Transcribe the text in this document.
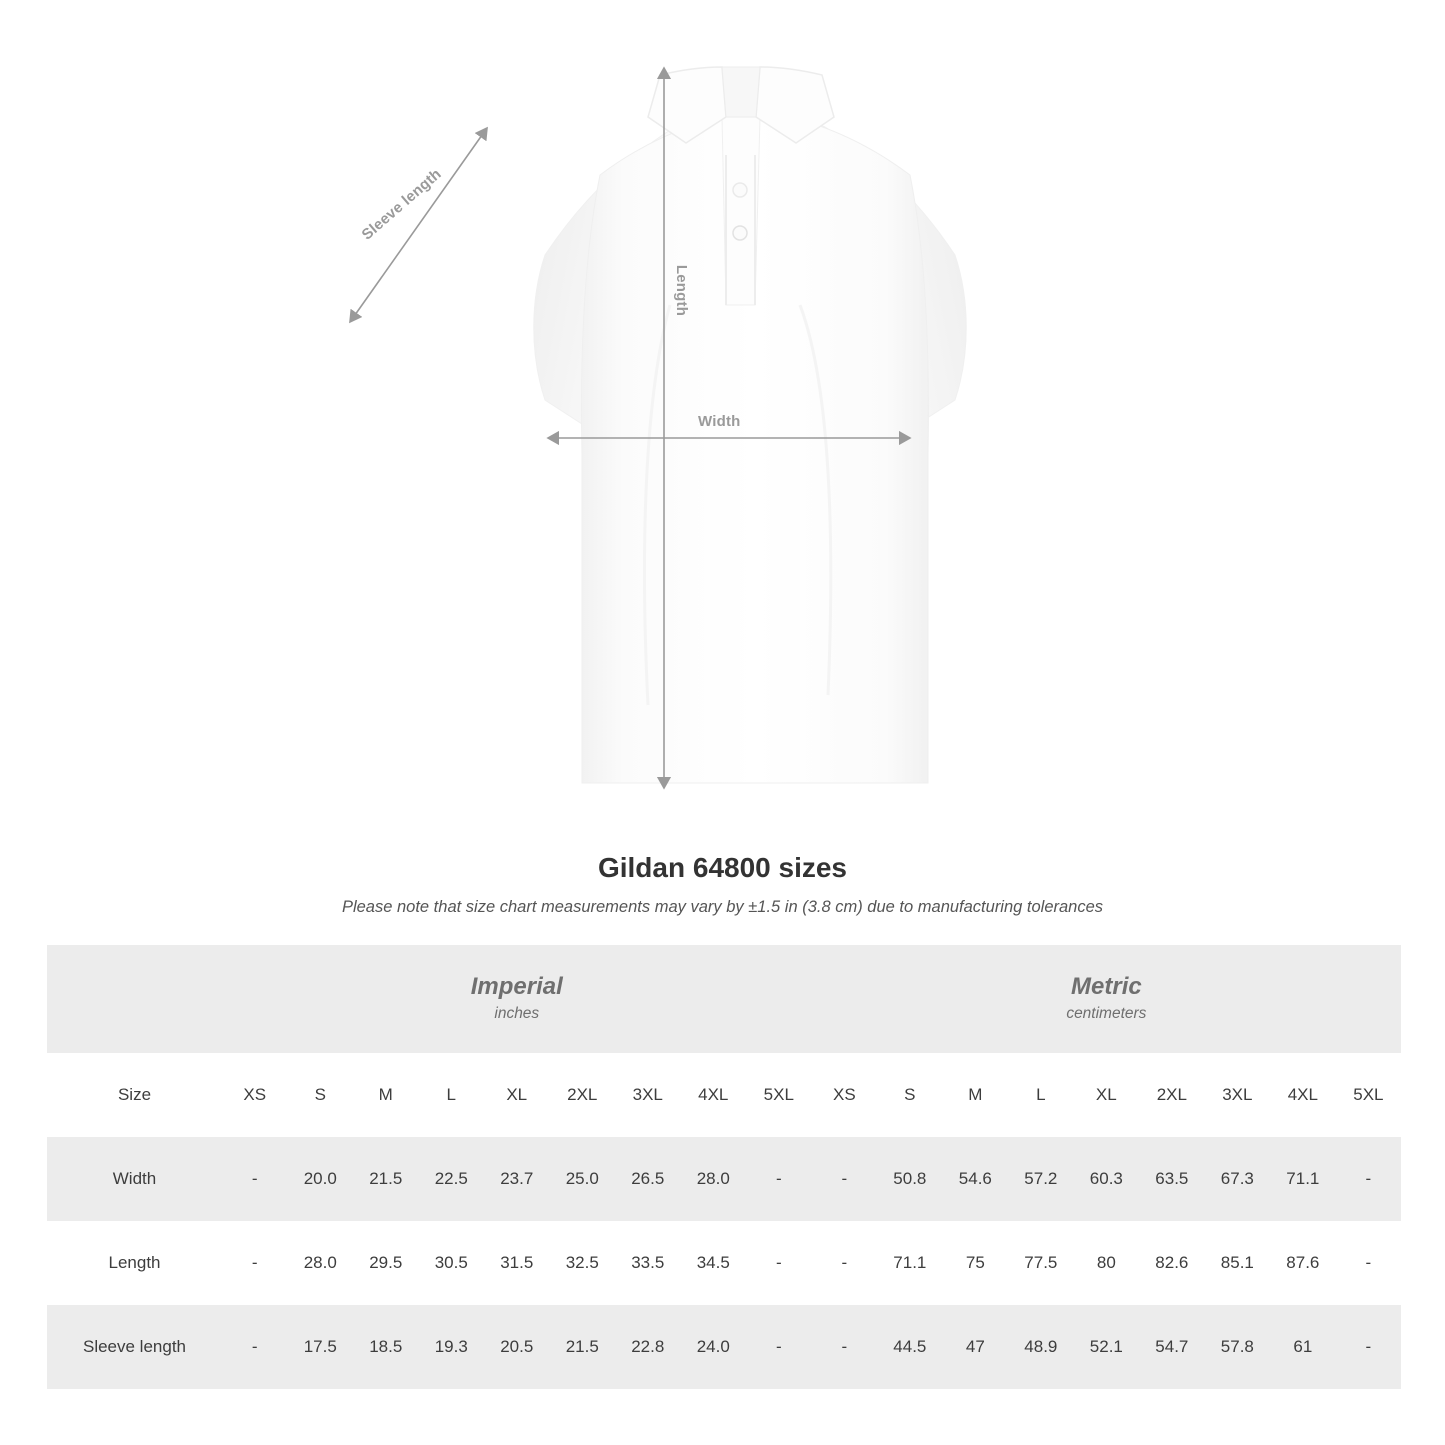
Sleeve length
Length
Width
Gildan 64800 sizes

Please note that size chart measurements may vary by ±1.5 in (3.8 cm) due to manufacturing tolerances

Imperial
inches

Metric
centimeters

Size	XS	S	M	L	XL	2XL	3XL	4XL	5XL	XS	S	M	L	XL	2XL	3XL	4XL	5XL
Width	-	20.0	21.5	22.5	23.7	25.0	26.5	28.0	-	-	50.8	54.6	57.2	60.3	63.5	67.3	71.1	-
Length	-	28.0	29.5	30.5	31.5	32.5	33.5	34.5	-	-	71.1	75	77.5	80	82.6	85.1	87.6	-
Sleeve length	-	17.5	18.5	19.3	20.5	21.5	22.8	24.0	-	-	44.5	47	48.9	52.1	54.7	57.8	61	-
